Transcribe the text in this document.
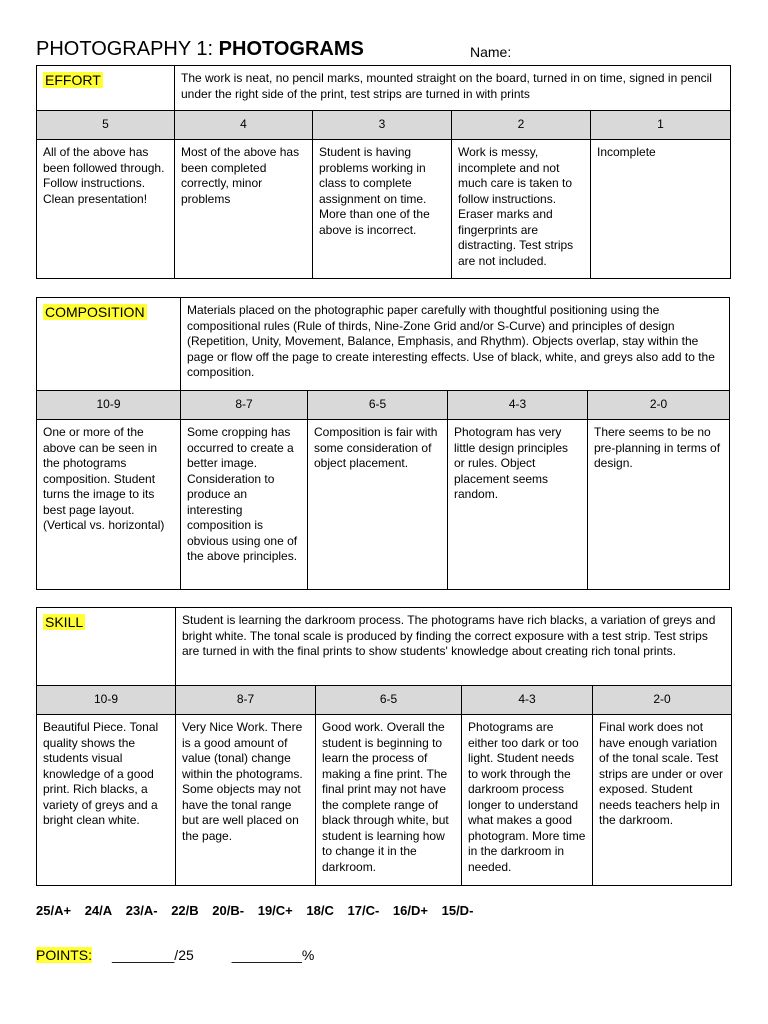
PHOTOGRAPHY 1: PHOTOGRAMS	Name:
EFFORT	The work is neat, no pencil marks, mounted straight on the board, turned in on time, signed in pencil under the right side of the print, test strips are turned in with prints			
5	4	3	2	1
All of the above has been followed through. Follow instructions. Clean presentation!	Most of the above has been completed correctly, minor problems	Student is having problems working in class to complete assignment on time. More than one of the above is incorrect.	Work is messy, incomplete and not much care is taken to follow instructions. Eraser marks and fingerprints are distracting. Test strips are not included.	Incomplete
COMPOSITION	Materials placed on the photographic paper carefully with thoughtful positioning using the compositional rules (Rule of thirds, Nine-Zone Grid and/or S-Curve) and principles of design (Repetition, Unity, Movement, Balance, Emphasis, and Rhythm). Objects overlap, stay within the page or flow off the page to create interesting effects. Use of black, white, and greys also add to the composition.			
10-9	8-7	6-5	4-3	2-0
One or more of the above can be seen in the photograms composition. Student turns the image to its best page layout. (Vertical vs. horizontal)	Some cropping has occurred to create a better image. Consideration to produce an interesting composition is obvious using one of the above principles.	Composition is fair with some consideration of object placement.	Photogram has very little design principles or rules. Object placement seems random.	There seems to be no pre-planning in terms of design.
SKILL	Student is learning the darkroom process. The photograms have rich blacks, a variation of greys and bright white. The tonal scale is produced by finding the correct exposure with a test strip. Test strips are turned in with the final prints to show students' knowledge about creating rich tonal prints.			
10-9	8-7	6-5	4-3	2-0
Beautiful Piece. Tonal quality shows the students visual knowledge of a good print. Rich blacks, a variety of greys and a bright clean white.	Very Nice Work. There is a good amount of value (tonal) change within the photograms. Some objects may not have the tonal range but are well placed on the page.	Good work. Overall the student is beginning to learn the process of making a fine print. The final print may not have the complete range of black through white, but student is learning how to change it in the darkroom.	Photograms are either too dark or too light. Student needs to work through the darkroom process longer to understand what makes a good photogram. More time in the darkroom in needed.	Final work does not have enough variation of the tonal scale. Test strips are under or over exposed. Student needs teachers help in the darkroom.
25/A+ 24/A 23/A- 22/B 20/B- 19/C+ 18/C 17/C- 16/D+ 15/D-
POINTS: ________/25	_________%
